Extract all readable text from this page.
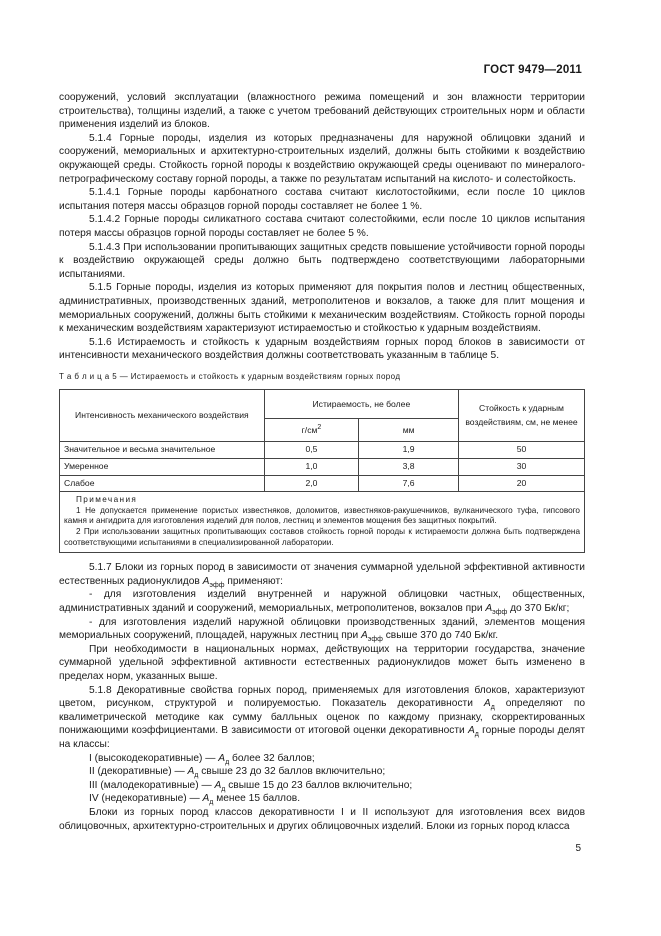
ГОСТ 9479—2011

сооружений, условий эксплуатации (влажностного режима помещений и зон влажности территории строительства), толщины изделий, а также с учетом требований действующих строительных норм и области применения изделий из блоков.

5.1.4 Горные породы, изделия из которых предназначены для наружной облицовки зданий и сооружений, мемориальных и архитектурно-строительных изделий, должны быть стойкими к воздействию окружающей среды. Стойкость горной породы к воздействию окружающей среды оценивают по минералого-петрографическому составу горной породы, а также по результатам испытаний на кислото- и солестойкость.

5.1.4.1 Горные породы карбонатного состава считают кислотостойкими, если после 10 циклов испытания потеря массы образцов горной породы составляет не более 1 %.

5.1.4.2 Горные породы силикатного состава считают солестойкими, если после 10 циклов испытания потеря массы образцов горной породы составляет не более 5 %.

5.1.4.3 При использовании пропитывающих защитных средств повышение устойчивости горной породы к воздействию окружающей среды должно быть подтверждено соответствующими лабораторными испытаниями.

5.1.5 Горные породы, изделия из которых применяют для покрытия полов и лестниц общественных, административных, производственных зданий, метрополитенов и вокзалов, а также для плит мощения и мемориальных сооружений, должны быть стойкими к механическим воздействиям. Стойкость горной породы к механическим воздействиям характеризуют истираемостью и стойкостью к ударным воздействиям.

5.1.6 Истираемость и стойкость к ударным воздействиям горных пород блоков в зависимости от интенсивности механического воздействия должны соответствовать указанным в таблице 5.

Т а б л и ц а 5 — Истираемость и стойкость к ударным воздействиям горных пород

Интенсивность механического воздействия	Истираемость, не более		Стойкость к ударным воздействиям, см, не менее
	$г/см^2$	мм	
Значительное и весьма значительное	0,5	1,9	50
Умеренное	1,0	3,8	30
Слабое	2,0	7,6	20

Примечания
1 Не допускается применение пористых известняков, доломитов, известняков-ракушечников, вулканического туфа, гипсового камня и ангидрита для изготовления изделий для полов, лестниц и элементов мощения без защитных покрытий.
2 При использовании защитных пропитывающих составов стойкость горной породы к истираемости должна быть подтверждена соответствующими испытаниями в специализированной лаборатории.			

5.1.7 Блоки из горных пород в зависимости от значения суммарной удельной эффективной активности естественных радионуклидов $А_{эфф}$ применяют:

- для изготовления изделий внутренней и наружной облицовки частных, общественных, административных зданий и сооружений, мемориальных, метрополитенов, вокзалов при $А_{эфф}$ до 370 Бк/кг;

- для изготовления изделий наружной облицовки производственных зданий, элементов мощения мемориальных сооружений, площадей, наружных лестниц при $А_{эфф}$ свыше 370 до 740 Бк/кг.

При необходимости в национальных нормах, действующих на территории государства, значение суммарной удельной эффективной активности естественных радионуклидов может быть изменено в пределах норм, указанных выше.

5.1.8 Декоративные свойства горных пород, применяемых для изготовления блоков, характеризуют цветом, рисунком, структурой и полируемостью. Показатель декоративности $А_д$ определяют по квалиметрической методике как сумму балльных оценок по каждому признаку, скорректированных понижающими коэффициентами. В зависимости от итоговой оценки декоративности $А_д$ горные породы делят на классы:

I (высокодекоративные) — $А_д$ более 32 баллов;

II (декоративные) — $А_д$ свыше 23 до 32 баллов включительно;

III (малодекоративные) — $А_д$ свыше 15 до 23 баллов включительно;

IV (недекоративные) — $А_д$ менее 15 баллов.

Блоки из горных пород классов декоративности I и II используют для изготовления всех видов облицовочных, архитектурно-строительных и других облицовочных изделий. Блоки из горных пород класса

5
